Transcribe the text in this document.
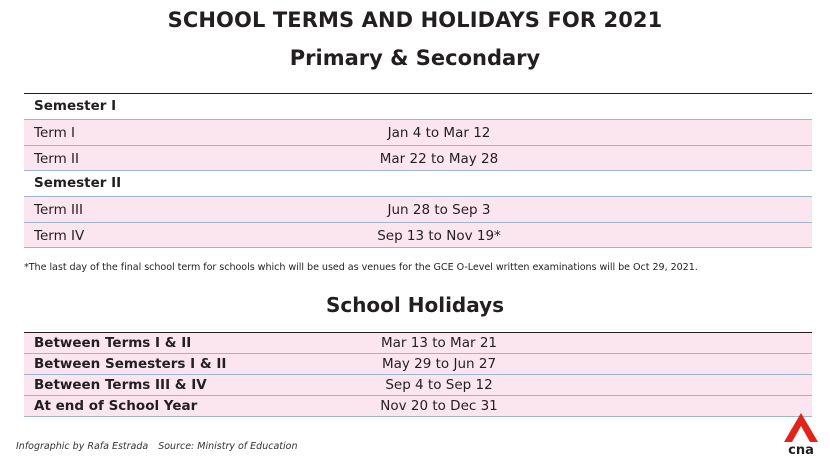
SCHOOL TERMS AND HOLIDAYS FOR 2021
Primary & Secondary
Semester I
Term I	Jan 4 to Mar 12
Term II	Mar 22 to May 28
Semester II
Term III	Jun 28 to Sep 3
Term IV	Sep 13 to Nov 19*
*The last day of the final school term for schools which will be used as venues for the GCE O-Level written examinations will be Oct 29, 2021.
School Holidays
Between Terms I & II	Mar 13 to Mar 21
Between Semesters I & II	May 29 to Jun 27
Between Terms III & IV	Sep 4 to Sep 12
At end of School Year	Nov 20 to Dec 31
Infographic by Rafa Estrada Source: Ministry of Education	cna
